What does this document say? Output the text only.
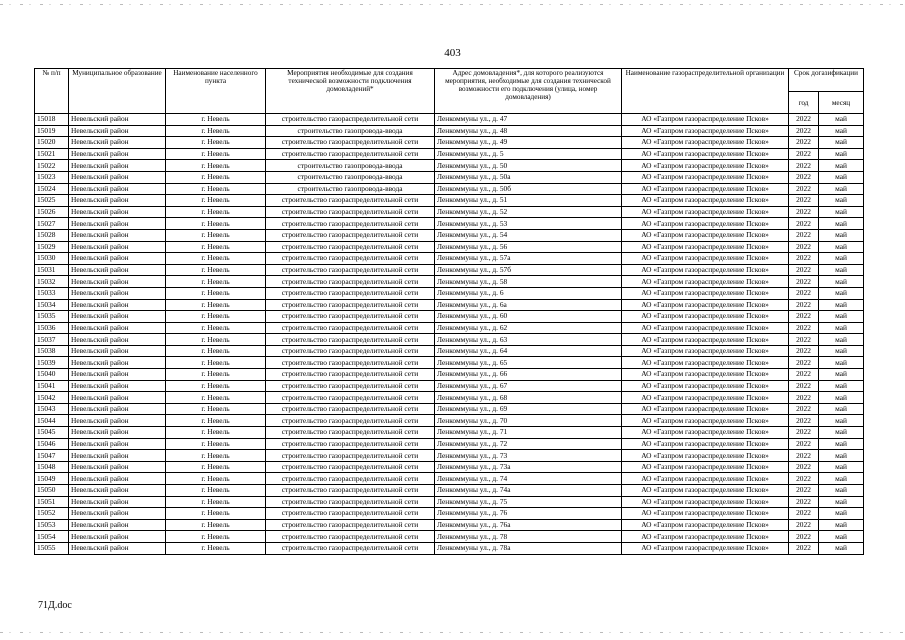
403
№ п/п	Муниципальное образование	Наименование населенного пункта	Мероприятия необходимые для создания технической возможности подключения домовладений*	Адрес домовладения*, для которого реализуются мероприятия, необходимые для создания технической возможности его подключения (улица, номер домовладения)	Наименование газораспределительной организации	Срок догазификации	
						год	месяц
15018	Невельский район	г. Невель	строительство газораспределительной сети	Ленкоммуны ул., д. 47	АО «Газпром газораспределение Псков»	2022	май
15019	Невельский район	г. Невель	строительство газопровода-ввода	Ленкоммуны ул., д. 48	АО «Газпром газораспределение Псков»	2022	май
15020	Невельский район	г. Невель	строительство газораспределительной сети	Ленкоммуны ул., д. 49	АО «Газпром газораспределение Псков»	2022	май
15021	Невельский район	г. Невель	строительство газораспределительной сети	Ленкоммуны ул., д. 5	АО «Газпром газораспределение Псков»	2022	май
15022	Невельский район	г. Невель	строительство газопровода-ввода	Ленкоммуны ул., д. 50	АО «Газпром газораспределение Псков»	2022	май
15023	Невельский район	г. Невель	строительство газопровода-ввода	Ленкоммуны ул., д. 50а	АО «Газпром газораспределение Псков»	2022	май
15024	Невельский район	г. Невель	строительство газопровода-ввода	Ленкоммуны ул., д. 50б	АО «Газпром газораспределение Псков»	2022	май
15025	Невельский район	г. Невель	строительство газораспределительной сети	Ленкоммуны ул., д. 51	АО «Газпром газораспределение Псков»	2022	май
15026	Невельский район	г. Невель	строительство газораспределительной сети	Ленкоммуны ул., д. 52	АО «Газпром газораспределение Псков»	2022	май
15027	Невельский район	г. Невель	строительство газораспределительной сети	Ленкоммуны ул., д. 53	АО «Газпром газораспределение Псков»	2022	май
15028	Невельский район	г. Невель	строительство газораспределительной сети	Ленкоммуны ул., д. 54	АО «Газпром газораспределение Псков»	2022	май
15029	Невельский район	г. Невель	строительство газораспределительной сети	Ленкоммуны ул., д. 56	АО «Газпром газораспределение Псков»	2022	май
15030	Невельский район	г. Невель	строительство газораспределительной сети	Ленкоммуны ул., д. 57а	АО «Газпром газораспределение Псков»	2022	май
15031	Невельский район	г. Невель	строительство газораспределительной сети	Ленкоммуны ул., д. 57б	АО «Газпром газораспределение Псков»	2022	май
15032	Невельский район	г. Невель	строительство газораспределительной сети	Ленкоммуны ул., д. 58	АО «Газпром газораспределение Псков»	2022	май
15033	Невельский район	г. Невель	строительство газораспределительной сети	Ленкоммуны ул., д. 6	АО «Газпром газораспределение Псков»	2022	май
15034	Невельский район	г. Невель	строительство газораспределительной сети	Ленкоммуны ул., д. 6а	АО «Газпром газораспределение Псков»	2022	май
15035	Невельский район	г. Невель	строительство газораспределительной сети	Ленкоммуны ул., д. 60	АО «Газпром газораспределение Псков»	2022	май
15036	Невельский район	г. Невель	строительство газораспределительной сети	Ленкоммуны ул., д. 62	АО «Газпром газораспределение Псков»	2022	май
15037	Невельский район	г. Невель	строительство газораспределительной сети	Ленкоммуны ул., д. 63	АО «Газпром газораспределение Псков»	2022	май
15038	Невельский район	г. Невель	строительство газораспределительной сети	Ленкоммуны ул., д. 64	АО «Газпром газораспределение Псков»	2022	май
15039	Невельский район	г. Невель	строительство газораспределительной сети	Ленкоммуны ул., д. 65	АО «Газпром газораспределение Псков»	2022	май
15040	Невельский район	г. Невель	строительство газораспределительной сети	Ленкоммуны ул., д. 66	АО «Газпром газораспределение Псков»	2022	май
15041	Невельский район	г. Невель	строительство газораспределительной сети	Ленкоммуны ул., д. 67	АО «Газпром газораспределение Псков»	2022	май
15042	Невельский район	г. Невель	строительство газораспределительной сети	Ленкоммуны ул., д. 68	АО «Газпром газораспределение Псков»	2022	май
15043	Невельский район	г. Невель	строительство газораспределительной сети	Ленкоммуны ул., д. 69	АО «Газпром газораспределение Псков»	2022	май
15044	Невельский район	г. Невель	строительство газораспределительной сети	Ленкоммуны ул., д. 70	АО «Газпром газораспределение Псков»	2022	май
15045	Невельский район	г. Невель	строительство газораспределительной сети	Ленкоммуны ул., д. 71	АО «Газпром газораспределение Псков»	2022	май
15046	Невельский район	г. Невель	строительство газораспределительной сети	Ленкоммуны ул., д. 72	АО «Газпром газораспределение Псков»	2022	май
15047	Невельский район	г. Невель	строительство газораспределительной сети	Ленкоммуны ул., д. 73	АО «Газпром газораспределение Псков»	2022	май
15048	Невельский район	г. Невель	строительство газораспределительной сети	Ленкоммуны ул., д. 73а	АО «Газпром газораспределение Псков»	2022	май
15049	Невельский район	г. Невель	строительство газораспределительной сети	Ленкоммуны ул., д. 74	АО «Газпром газораспределение Псков»	2022	май
15050	Невельский район	г. Невель	строительство газораспределительной сети	Ленкоммуны ул., д. 74а	АО «Газпром газораспределение Псков»	2022	май
15051	Невельский район	г. Невель	строительство газораспределительной сети	Ленкоммуны ул., д. 75	АО «Газпром газораспределение Псков»	2022	май
15052	Невельский район	г. Невель	строительство газораспределительной сети	Ленкоммуны ул., д. 76	АО «Газпром газораспределение Псков»	2022	май
15053	Невельский район	г. Невель	строительство газораспределительной сети	Ленкоммуны ул., д. 76а	АО «Газпром газораспределение Псков»	2022	май
15054	Невельский район	г. Невель	строительство газораспределительной сети	Ленкоммуны ул., д. 78	АО «Газпром газораспределение Псков»	2022	май
15055	Невельский район	г. Невель	строительство газораспределительной сети	Ленкоммуны ул., д. 78а	АО «Газпром газораспределение Псков»	2022	май
71Д.doc
